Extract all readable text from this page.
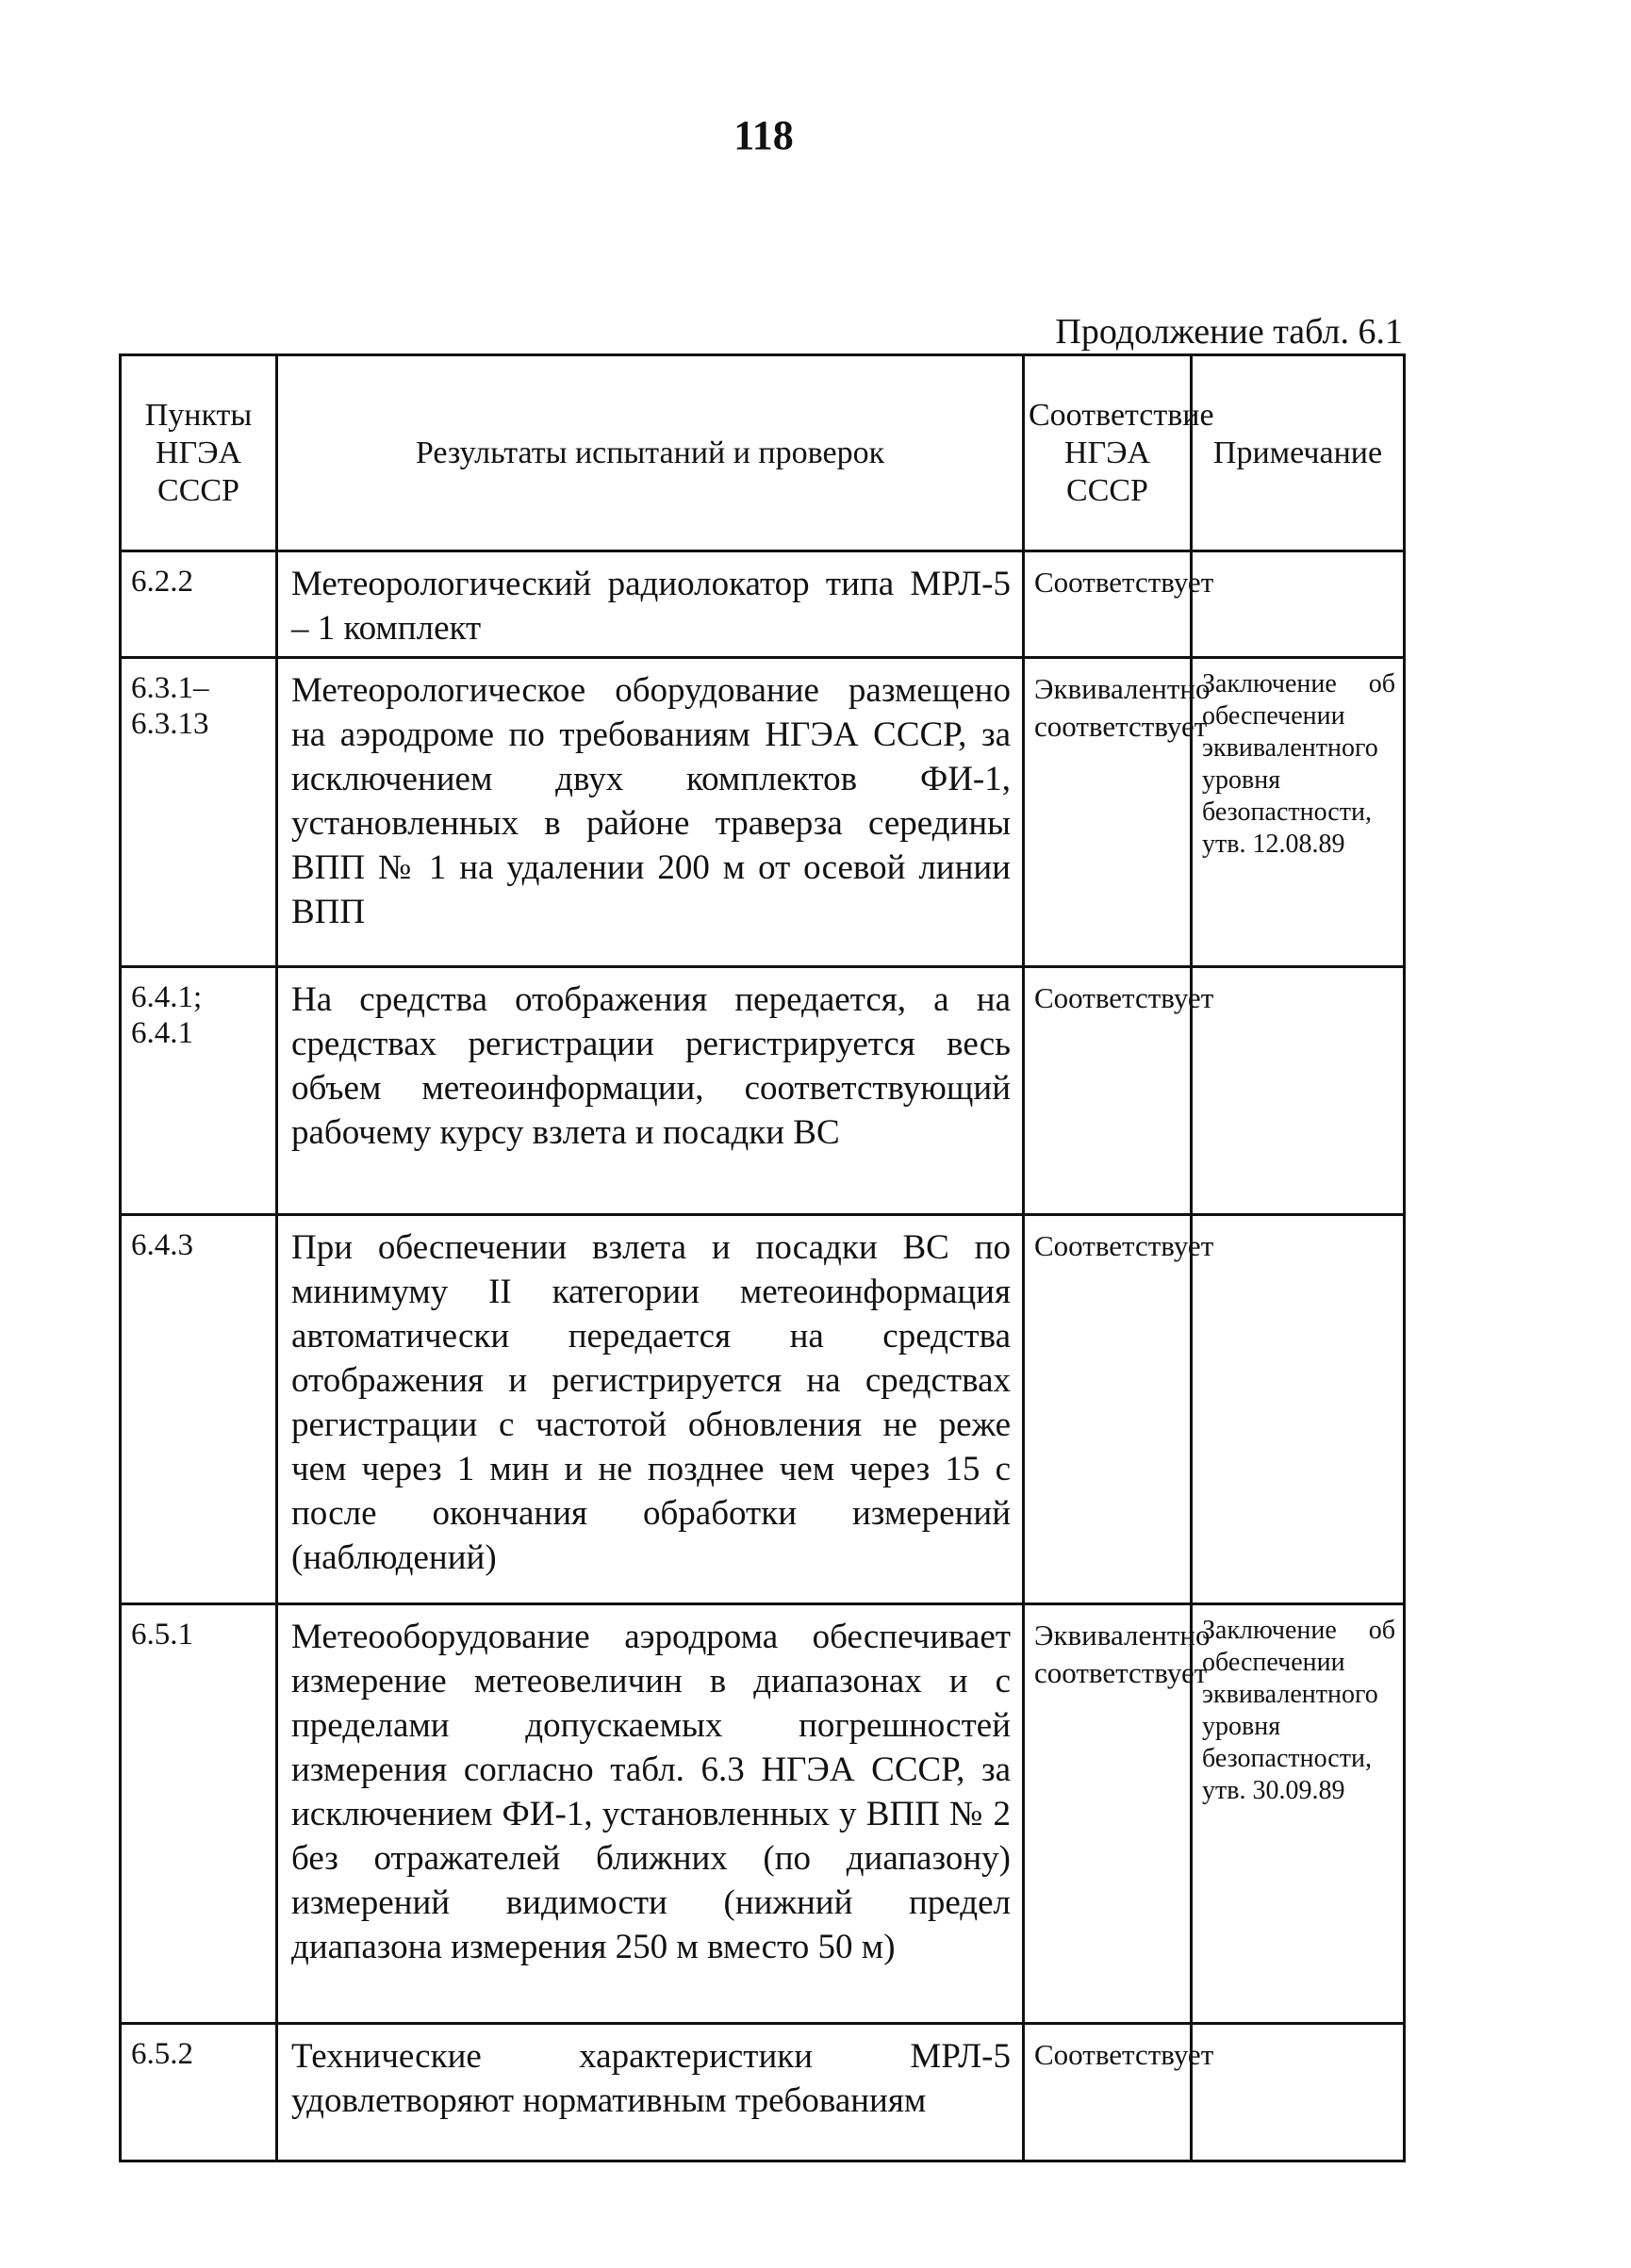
118
Продолжение табл. 6.1
Пункты НГЭА СССР	Результаты испытаний и проверок	Соответствие НГЭА СССР	Примечание

6.2.2	Метеорологический радиолокатор типа МРЛ-5 – 1 комплект	Соответствует	
6.3.1– 6.3.13	Метеорологическое оборудование размещено на аэродроме по требованиям НГЭА СССР, за исключением двух комплектов ФИ-1, установленных в районе траверза середины ВПП № 1 на удалении 200 м от осевой линии ВПП	Эквивалентно соответствует	Заключение об обеспечении эквивалентного уровня безопастности, утв. 12.08.89
6.4.1; 6.4.1	На средства отображения передается, а на средствах регистрации регистрируется весь объем метеоинформации, соответствующий рабочему курсу взлета и посадки ВС	Соответствует	
6.4.3	При обеспечении взлета и посадки ВС по минимуму II категории метеоинформация автоматически передается на средства отображения и регистрируется на средствах регистрации с частотой обновления не реже чем через 1 мин и не позднее чем через 15 с после окончания обработки измерений (наблюдений)	Соответствует	
6.5.1	Метеооборудование аэродрома обеспечивает измерение метеовеличин в диапазонах и с пределами допускаемых погрешностей измерения согласно табл. 6.3 НГЭА СССР, за исключением ФИ-1, установленных у ВПП № 2 без отражателей ближних (по диапазону) измерений видимости (нижний предел диапазона измерения 250 м вместо 50 м)	Эквивалентно соответствует	Заключение об обеспечении эквивалентного уровня безопастности, утв. 30.09.89
6.5.2	Технические характеристики МРЛ-5 удовлетворяют нормативным требованиям	Соответствует	
